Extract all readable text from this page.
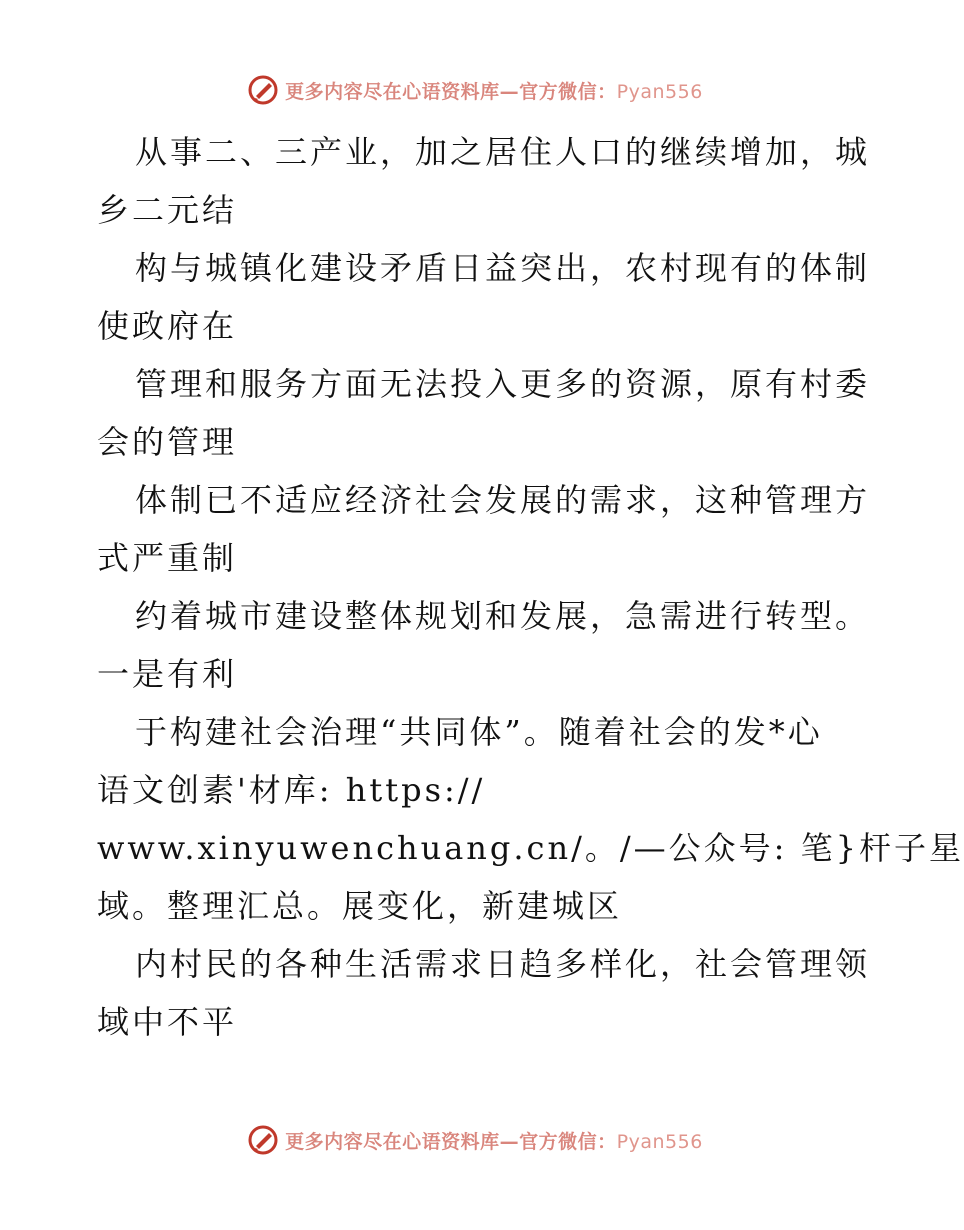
更多内容尽在心语资料库—官方微信：Pyan556
从事二、三产业，加之居住人口的继续增加，城
乡二元结
构与城镇化建设矛盾日益突出，农村现有的体制
使政府在
管理和服务方面无法投入更多的资源，原有村委
会的管理
体制已不适应经济社会发展的需求，这种管理方
式严重制
约着城市建设整体规划和发展，急需进行转型。
一是有利
于构建社会治理“共同体”。随着社会的发*心
语文创素'材库: https://
www.xinyuwenchuang.cn/。/—公众号: 笔}杆子星
域。整理汇总。展变化，新建城区
内村民的各种生活需求日趋多样化，社会管理领
域中不平
更多内容尽在心语资料库—官方微信：Pyan556
